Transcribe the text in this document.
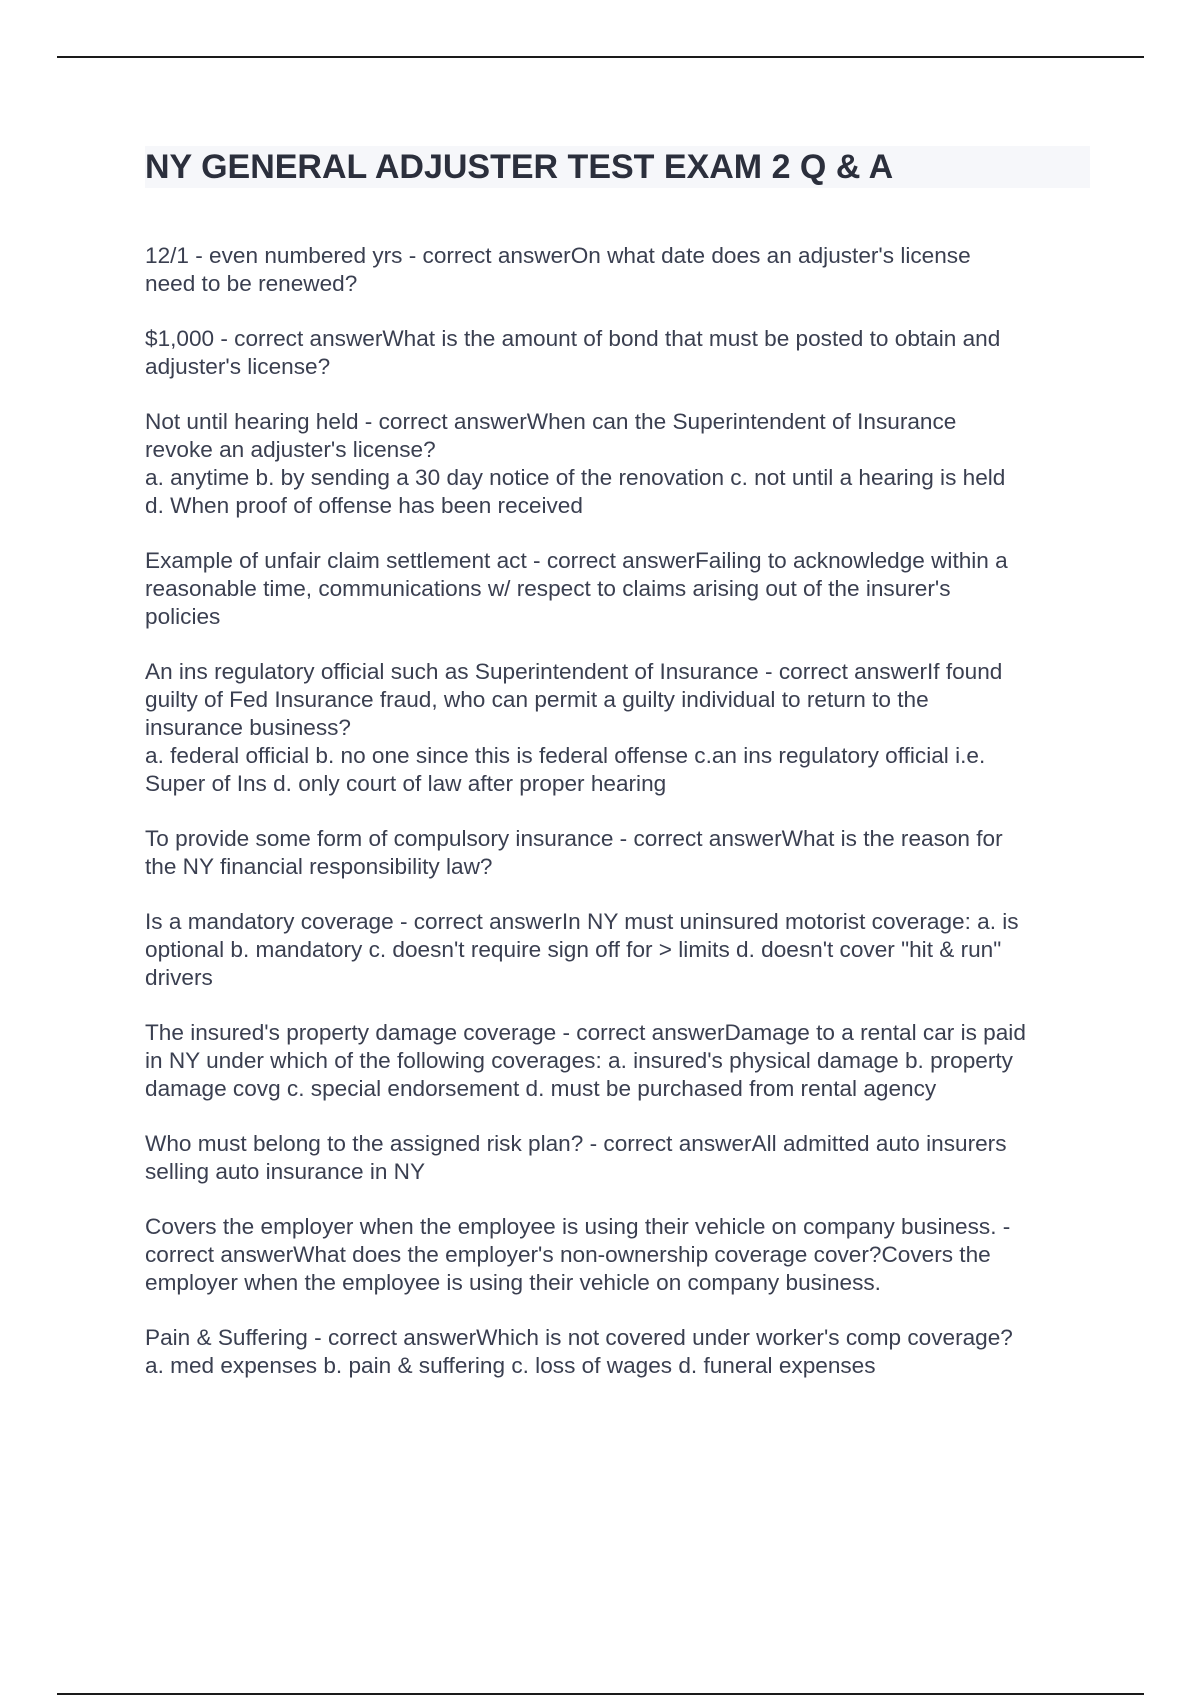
NY GENERAL ADJUSTER TEST EXAM 2 Q & A
12/1 - even numbered yrs - correct answerOn what date does an adjuster's license
need to be renewed?
$1,000 - correct answerWhat is the amount of bond that must be posted to obtain and
adjuster's license?
Not until hearing held - correct answerWhen can the Superintendent of Insurance
revoke an adjuster's license?
a. anytime b. by sending a 30 day notice of the renovation c. not until a hearing is held
d. When proof of offense has been received
Example of unfair claim settlement act - correct answerFailing to acknowledge within a
reasonable time, communications w/ respect to claims arising out of the insurer's
policies
An ins regulatory official such as Superintendent of Insurance - correct answerIf found
guilty of Fed Insurance fraud, who can permit a guilty individual to return to the
insurance business?
a. federal official b. no one since this is federal offense c.an ins regulatory official i.e.
Super of Ins d. only court of law after proper hearing
To provide some form of compulsory insurance - correct answerWhat is the reason for
the NY financial responsibility law?
Is a mandatory coverage - correct answerIn NY must uninsured motorist coverage: a. is
optional b. mandatory c. doesn't require sign off for > limits d. doesn't cover "hit & run"
drivers
The insured's property damage coverage - correct answerDamage to a rental car is paid
in NY under which of the following coverages: a. insured's physical damage b. property
damage covg c. special endorsement d. must be purchased from rental agency
Who must belong to the assigned risk plan? - correct answerAll admitted auto insurers
selling auto insurance in NY
Covers the employer when the employee is using their vehicle on company business. -
correct answerWhat does the employer's non-ownership coverage cover?Covers the
employer when the employee is using their vehicle on company business.
Pain & Suffering - correct answerWhich is not covered under worker's comp coverage?
a. med expenses b. pain & suffering c. loss of wages d. funeral expenses
